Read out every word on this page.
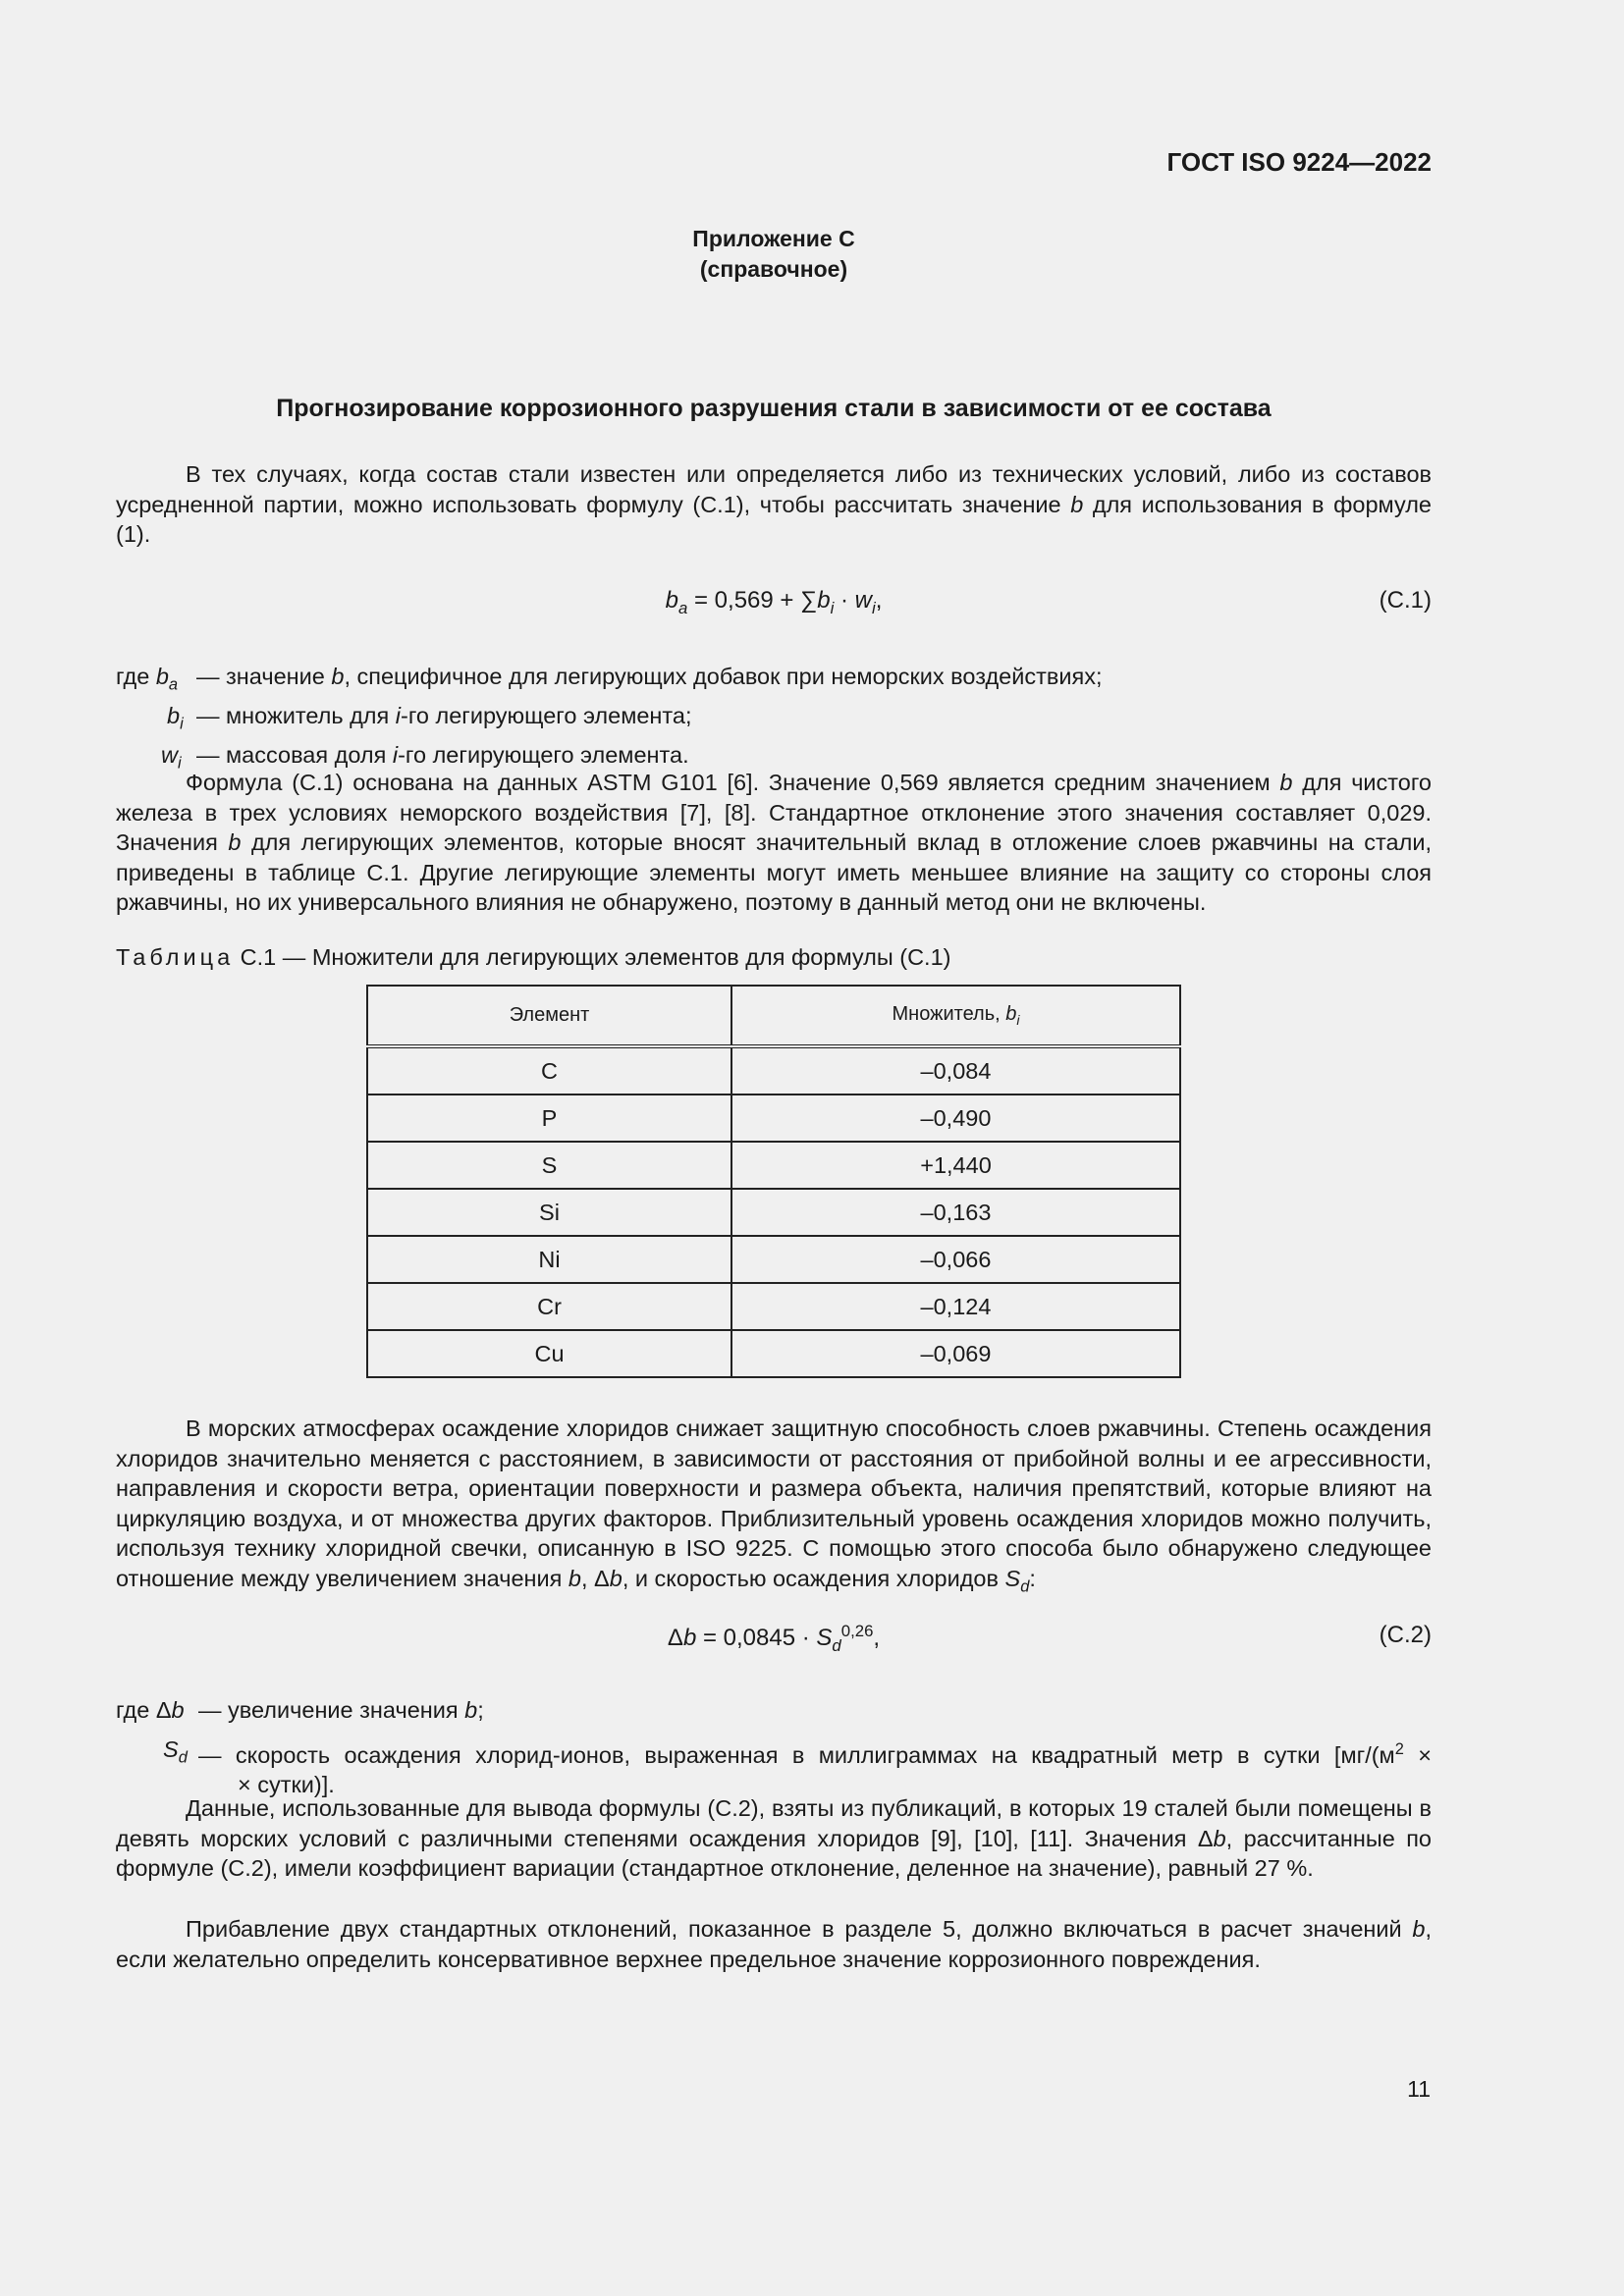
ГОСТ ISO 9224—2022
Приложение C
(справочное)
Прогнозирование коррозионного разрушения стали в зависимости от ее состава
В тех случаях, когда состав стали известен или определяется либо из технических условий, либо из составов усредненной партии, можно использовать формулу (C.1), чтобы рассчитать значение b для использования в формуле (1).
$b_a = 0,569 + \sum b_i \cdot w_i$,	(C.1)
где $b_a$ — значение b, специфичное для легирующих добавок при неморских воздействиях;
$b_i$ — множитель для i-го легирующего элемента;
$w_i$ — массовая доля i-го легирующего элемента.
Формула (C.1) основана на данных ASTM G101 [6]. Значение 0,569 является средним значением b для чистого железа в трех условиях неморского воздействия [7], [8]. Стандартное отклонение этого значения составляет 0,029. Значения b для легирующих элементов, которые вносят значительный вклад в отложение слоев ржавчины на стали, приведены в таблице C.1. Другие легирующие элементы могут иметь меньшее влияние на защиту со стороны слоя ржавчины, но их универсального влияния не обнаружено, поэтому в данный метод они не включены.
Таблица C.1 — Множители для легирующих элементов для формулы (C.1)
Элемент	Множитель, $b_i$
C	–0,084
P	–0,490
S	+1,440
Si	–0,163
Ni	–0,066
Cr	–0,124
Cu	–0,069
В морских атмосферах осаждение хлоридов снижает защитную способность слоев ржавчины. Степень осаждения хлоридов значительно меняется с расстоянием, в зависимости от расстояния от прибойной волны и ее агрессивности, направления и скорости ветра, ориентации поверхности и размера объекта, наличия препятствий, которые влияют на циркуляцию воздуха, и от множества других факторов. Приблизительный уровень осаждения хлоридов можно получить, используя технику хлоридной свечки, описанную в ISO 9225. С помощью этого способа было обнаружено следующее отношение между увеличением значения b, Δb, и скоростью осаждения хлоридов $S_d$:
$\Delta b = 0,0845 \cdot S_d^{0,26}$,	(C.2)
где Δb — увеличение значения b;
$S_d$ — скорость осаждения хлорид-ионов, выраженная в миллиграммах на квадратный метр в сутки [$мг/(м^2$ ×
× сутки)].
Данные, использованные для вывода формулы (C.2), взяты из публикаций, в которых 19 сталей были помещены в девять морских условий с различными степенями осаждения хлоридов [9], [10], [11]. Значения Δb, рассчитанные по формуле (C.2), имели коэффициент вариации (стандартное отклонение, деленное на значение), равный 27 %.
Прибавление двух стандартных отклонений, показанное в разделе 5, должно включаться в расчет значений b, если желательно определить консервативное верхнее предельное значение коррозионного повреждения.
11
